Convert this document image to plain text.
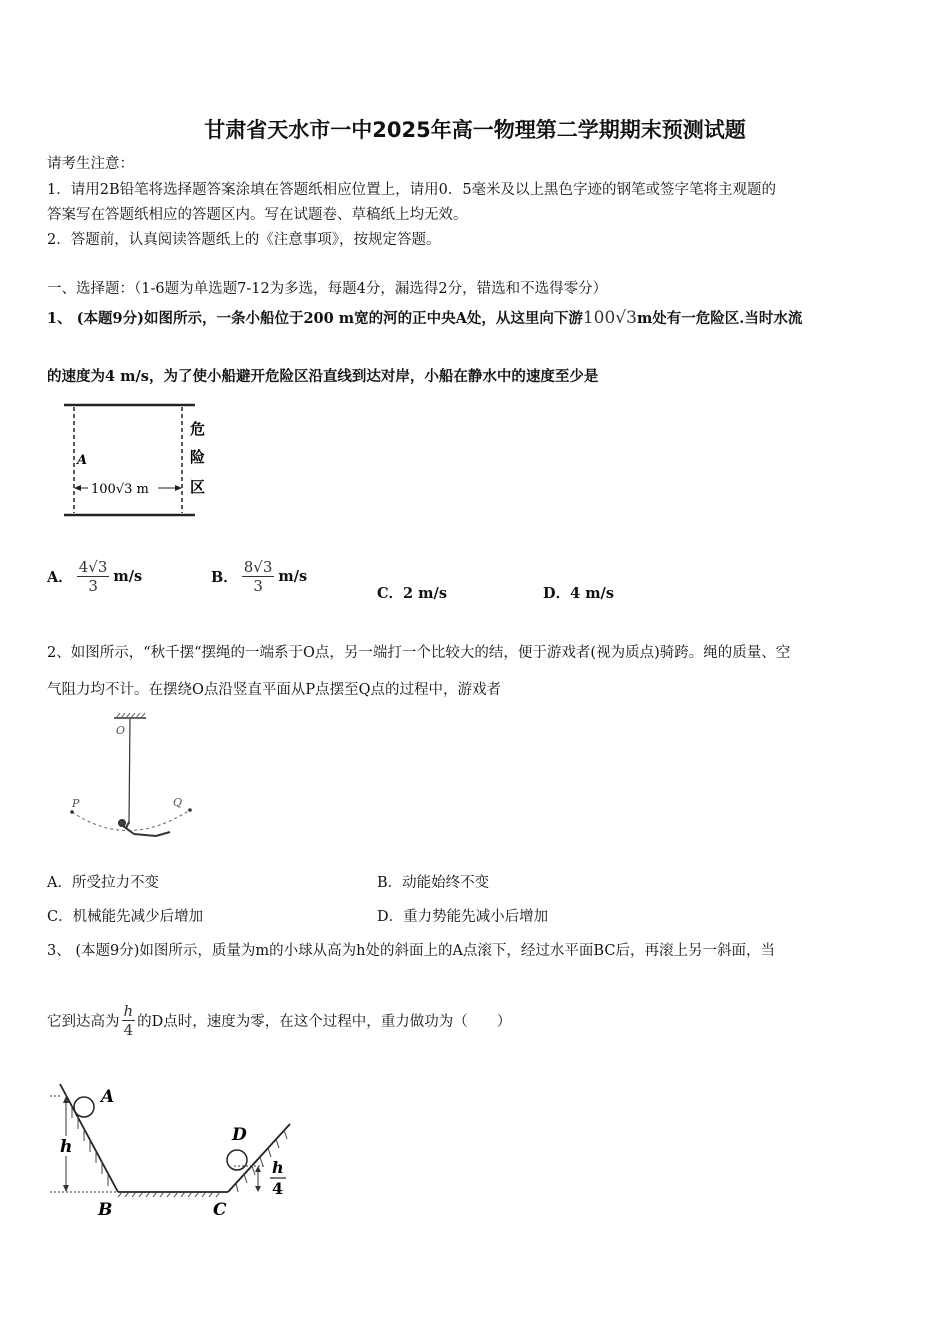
甘肃省天水市一中2025年高一物理第二学期期末预测试题
请考生注意：
1．请用2B铅笔将选择题答案涂填在答题纸相应位置上，请用0．5毫米及以上黑色字迹的钢笔或签字笔将主观题的
答案写在答题纸相应的答题区内。写在试题卷、草稿纸上均无效。
2．答题前，认真阅读答题纸上的《注意事项》，按规定答题。
一、选择题：（1-6题为单选题7-12为多选，每题4分，漏选得2分，错选和不选得零分）
1、 (本题9分)如图所示，一条小船位于200 m宽的河的正中央A处，从这里向下游100√3m处有一危险区.当时水流
的速度为4 m/s，为了使小船避开危险区沿直线到达对岸，小船在静水中的速度至少是
A
100√3 m
危
险
区
A． $\frac{4√3}{3} m/s$	B． $\frac{8√3}{3} m/s$
C．2 m/s	D．4 m/s
2、如图所示，“秋千摆“摆绳的一端系于O点，另一端打一个比较大的结，便于游戏者(视为质点)骑跨。绳的质量、空
气阻力均不计。在摆绕O点沿竖直平面从P点摆至Q点的过程中，游戏者
O
P	Q
A．所受拉力不变	B．动能始终不变
C．机械能先减少后增加	D．重力势能先减小后增加
3、 (本题9分)如图所示，质量为m的小球从高为h处的斜面上的A点滚下，经过水平面BC后，再滚上另一斜面，当
它到达高为 $\frac{h}{4}$ 的D点时，速度为零，在这个过程中，重力做功为（　　）
A
D
h
h
4
B	C
